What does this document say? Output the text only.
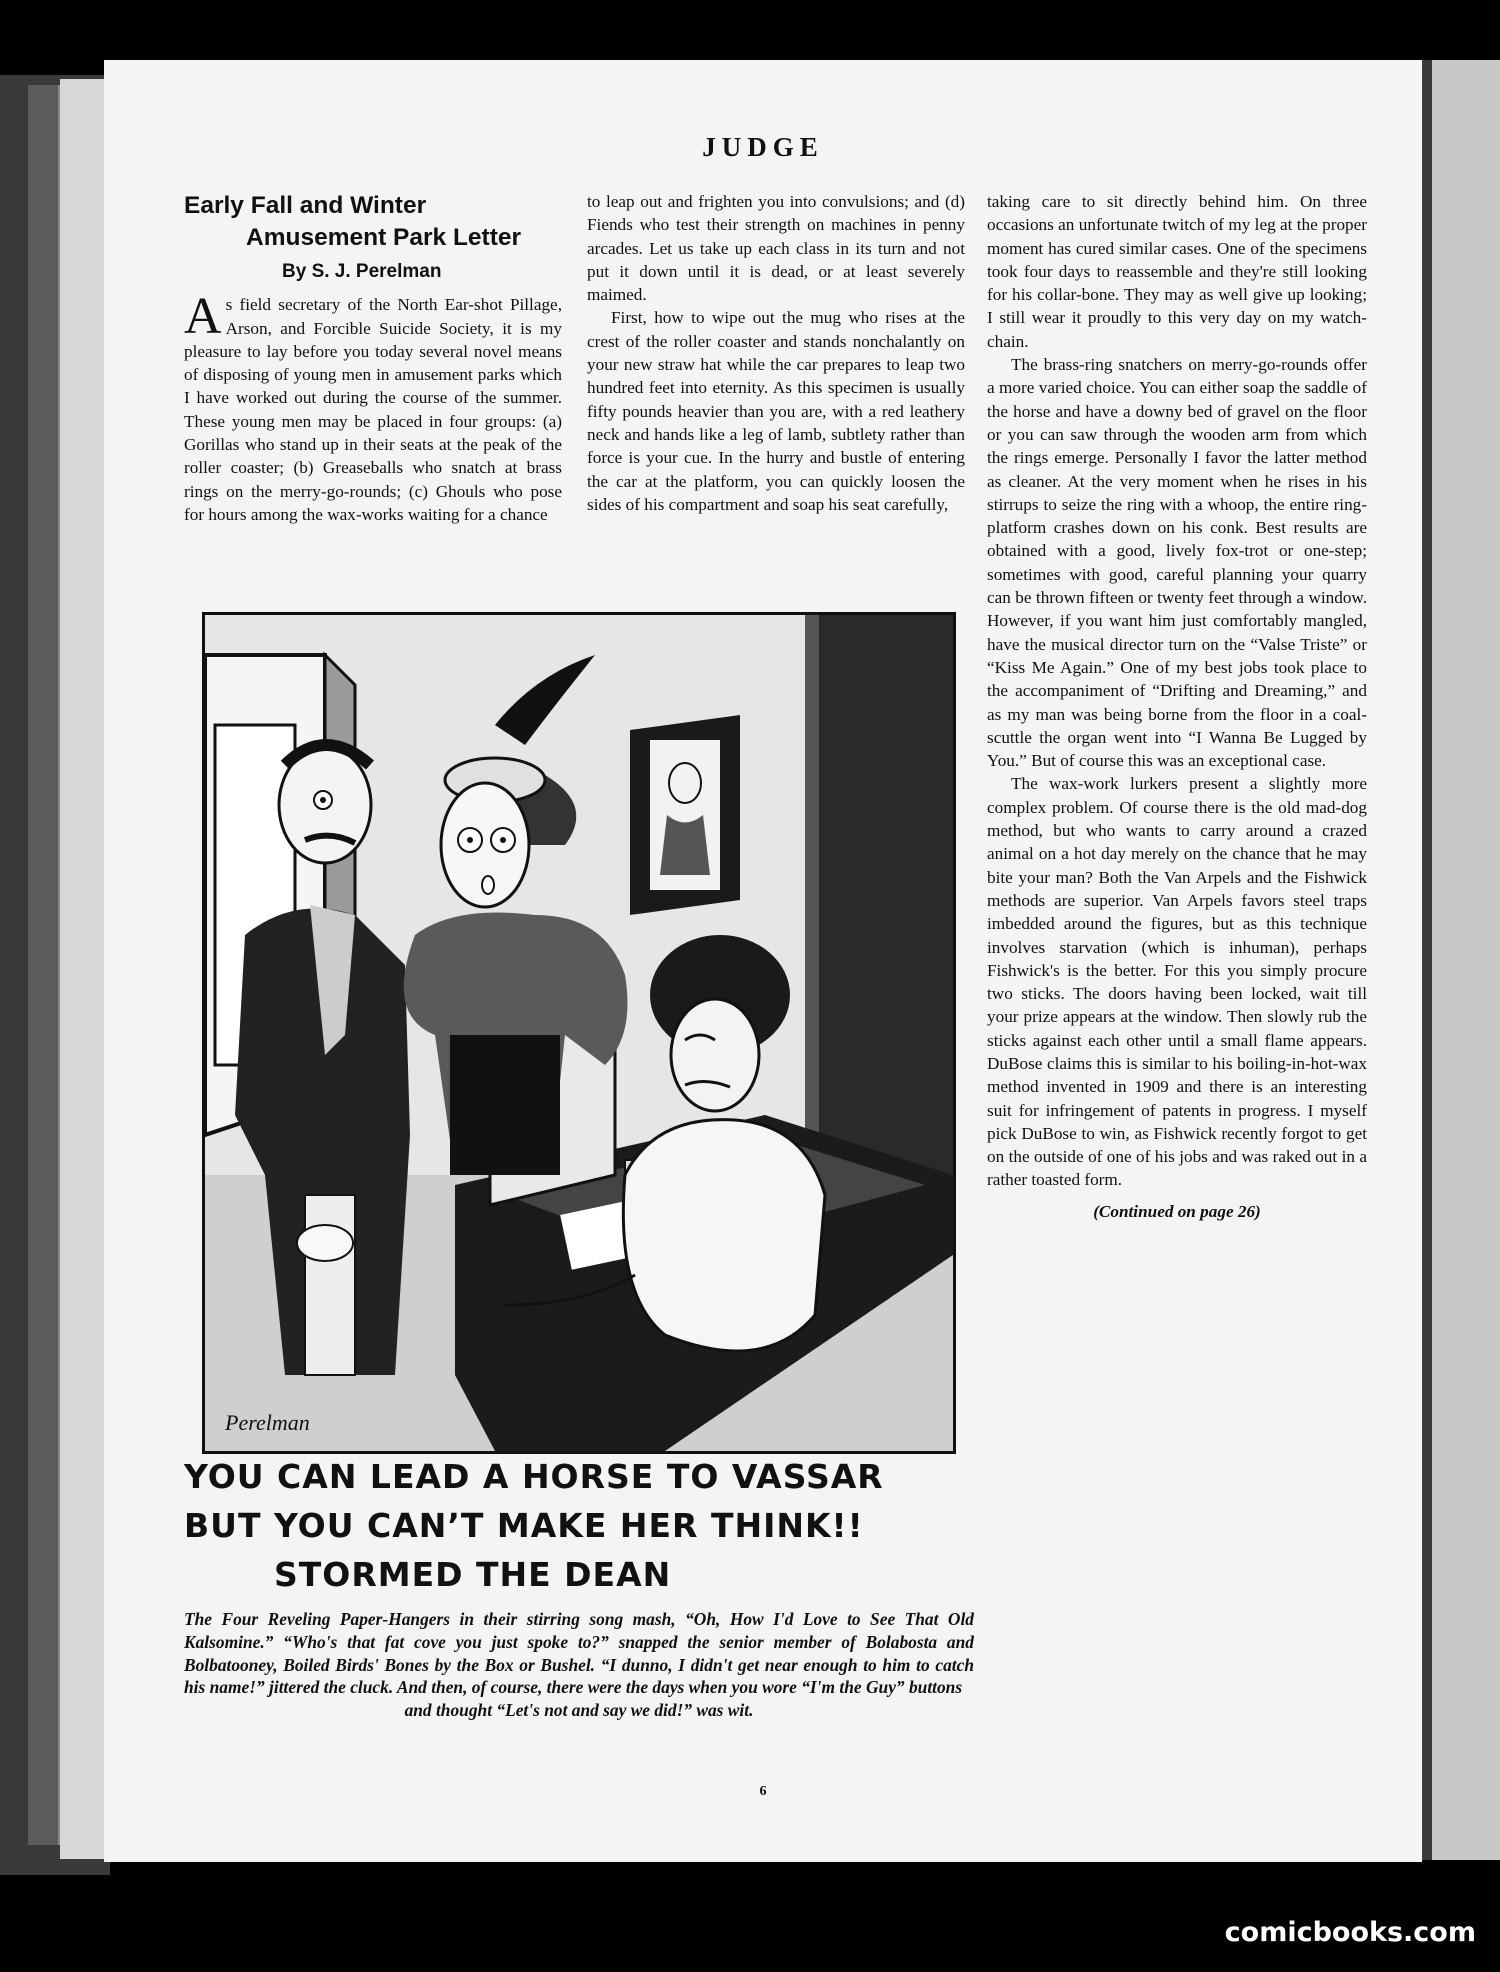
JUDGE
Early Fall and Winter
Amusement Park Letter
By S. J. Perelman

As field secretary of the North Ear-shot Pillage, Arson, and Forcible Suicide Society, it is my pleasure to lay before you today several novel means of disposing of young men in amusement parks which I have worked out during the course of the summer. These young men may be placed in four groups: (a) Gorillas who stand up in their seats at the peak of the roller coaster; (b) Greaseballs who snatch at brass rings on the merry-go-rounds; (c) Ghouls who pose for hours among the wax-works waiting for a chance

to leap out and frighten you into convulsions; and (d) Fiends who test their strength on machines in penny arcades. Let us take up each class in its turn and not put it down until it is dead, or at least severely maimed.

First, how to wipe out the mug who rises at the crest of the roller coaster and stands nonchalantly on your new straw hat while the car prepares to leap two hundred feet into eternity. As this specimen is usually fifty pounds heavier than you are, with a red leathery neck and hands like a leg of lamb, subtlety rather than force is your cue. In the hurry and bustle of entering the car at the platform, you can quickly loosen the sides of his compartment and soap his seat carefully,

taking care to sit directly behind him. On three occasions an unfortunate twitch of my leg at the proper moment has cured similar cases. One of the specimens took four days to reassemble and they're still looking for his collar-bone. They may as well give up looking; I still wear it proudly to this very day on my watch-chain.

The brass-ring snatchers on merry-go-rounds offer a more varied choice. You can either soap the saddle of the horse and have a downy bed of gravel on the floor or you can saw through the wooden arm from which the rings emerge. Personally I favor the latter method as cleaner. At the very moment when he rises in his stirrups to seize the ring with a whoop, the entire ring-platform crashes down on his conk. Best results are obtained with a good, lively fox-trot or one-step; sometimes with good, careful planning your quarry can be thrown fifteen or twenty feet through a window. However, if you want him just comfortably mangled, have the musical director turn on the “Valse Triste” or “Kiss Me Again.” One of my best jobs took place to the accompaniment of “Drifting and Dreaming,” and as my man was being borne from the floor in a coal-scuttle the organ went into “I Wanna Be Lugged by You.” But of course this was an exceptional case.

The wax-work lurkers present a slightly more complex problem. Of course there is the old mad-dog method, but who wants to carry around a crazed animal on a hot day merely on the chance that he may bite your man? Both the Van Arpels and the Fishwick methods are superior. Van Arpels favors steel traps imbedded around the figures, but as this technique involves starvation (which is inhuman), perhaps Fishwick's is the better. For this you simply procure two sticks. The doors having been locked, wait till your prize appears at the window. Then slowly rub the sticks against each other until a small flame appears. DuBose claims this is similar to his boiling-in-hot-wax method invented in 1909 and there is an interesting suit for infringement of patents in progress. I myself pick DuBose to win, as Fishwick recently forgot to get on the outside of one of his jobs and was raked out in a rather toasted form.

(Continued on page 26)
Perelman
YOU CAN LEAD A HORSE TO VASSAR
BUT YOU CAN’T MAKE HER THINK!!
STORMED THE DEAN
The Four Reveling Paper-Hangers in their stirring song mash, “Oh, How I'd Love to See That Old Kalsomine.” “Who's that fat cove you just spoke to?” snapped the senior member of Bolabosta and Bolbatooney, Boiled Birds' Bones by the Box or Bushel. “I dunno, I didn't get near enough to him to catch his name!” jittered the cluck. And then, of course, there were the days when you wore “I'm the Guy” buttons
and thought “Let's not and say we did!” was wit.
6
comicbooks.com
